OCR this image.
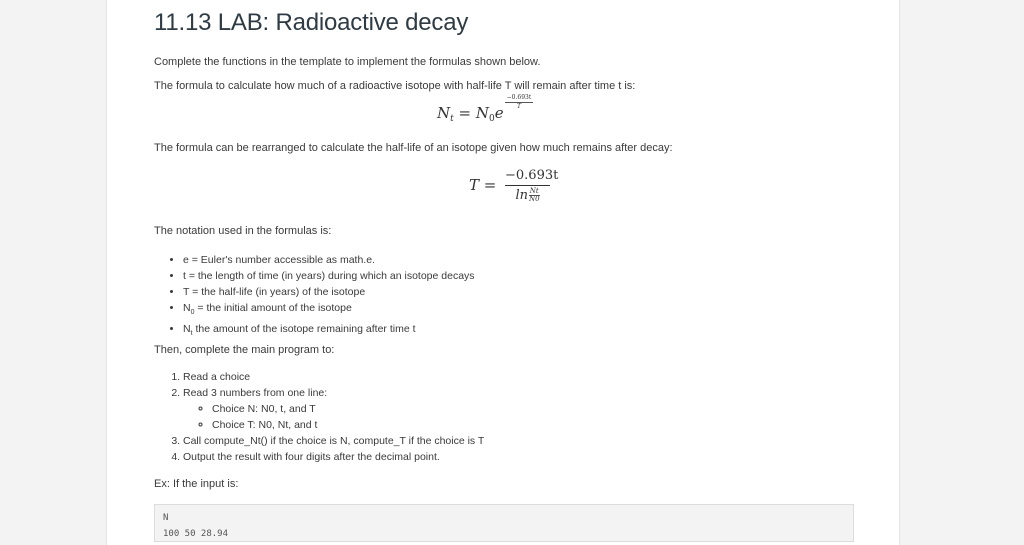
11.13 LAB: Radioactive decay
Complete the functions in the template to implement the formulas shown below.
The formula to calculate how much of a radioactive isotope with half-life T will remain after time t is:
$N_t = N_0e$
$\frac{-0.693t}{T}$
The formula can be rearranged to calculate the half-life of an isotope given how much remains after decay:
T =
−0.693t
$\ln \frac{Nt}{N0}$
The notation used in the formulas is:
• e = Euler's number accessible as math.e.
• t = the length of time (in years) during which an isotope decays
• T = the half-life (in years) of the isotope
• $N_0$ = the initial amount of the isotope
• $N_t$ the amount of the isotope remaining after time t
Then, complete the main program to:
1. Read a choice
2. Read 3 numbers from one line:
◦ Choice N: N0, t, and T
◦ Choice T: N0, Nt, and t
3. Call compute_Nt() if the choice is N, compute_T if the choice is T
4. Output the result with four digits after the decimal point.
Ex: If the input is:
N
100 50 28.94
